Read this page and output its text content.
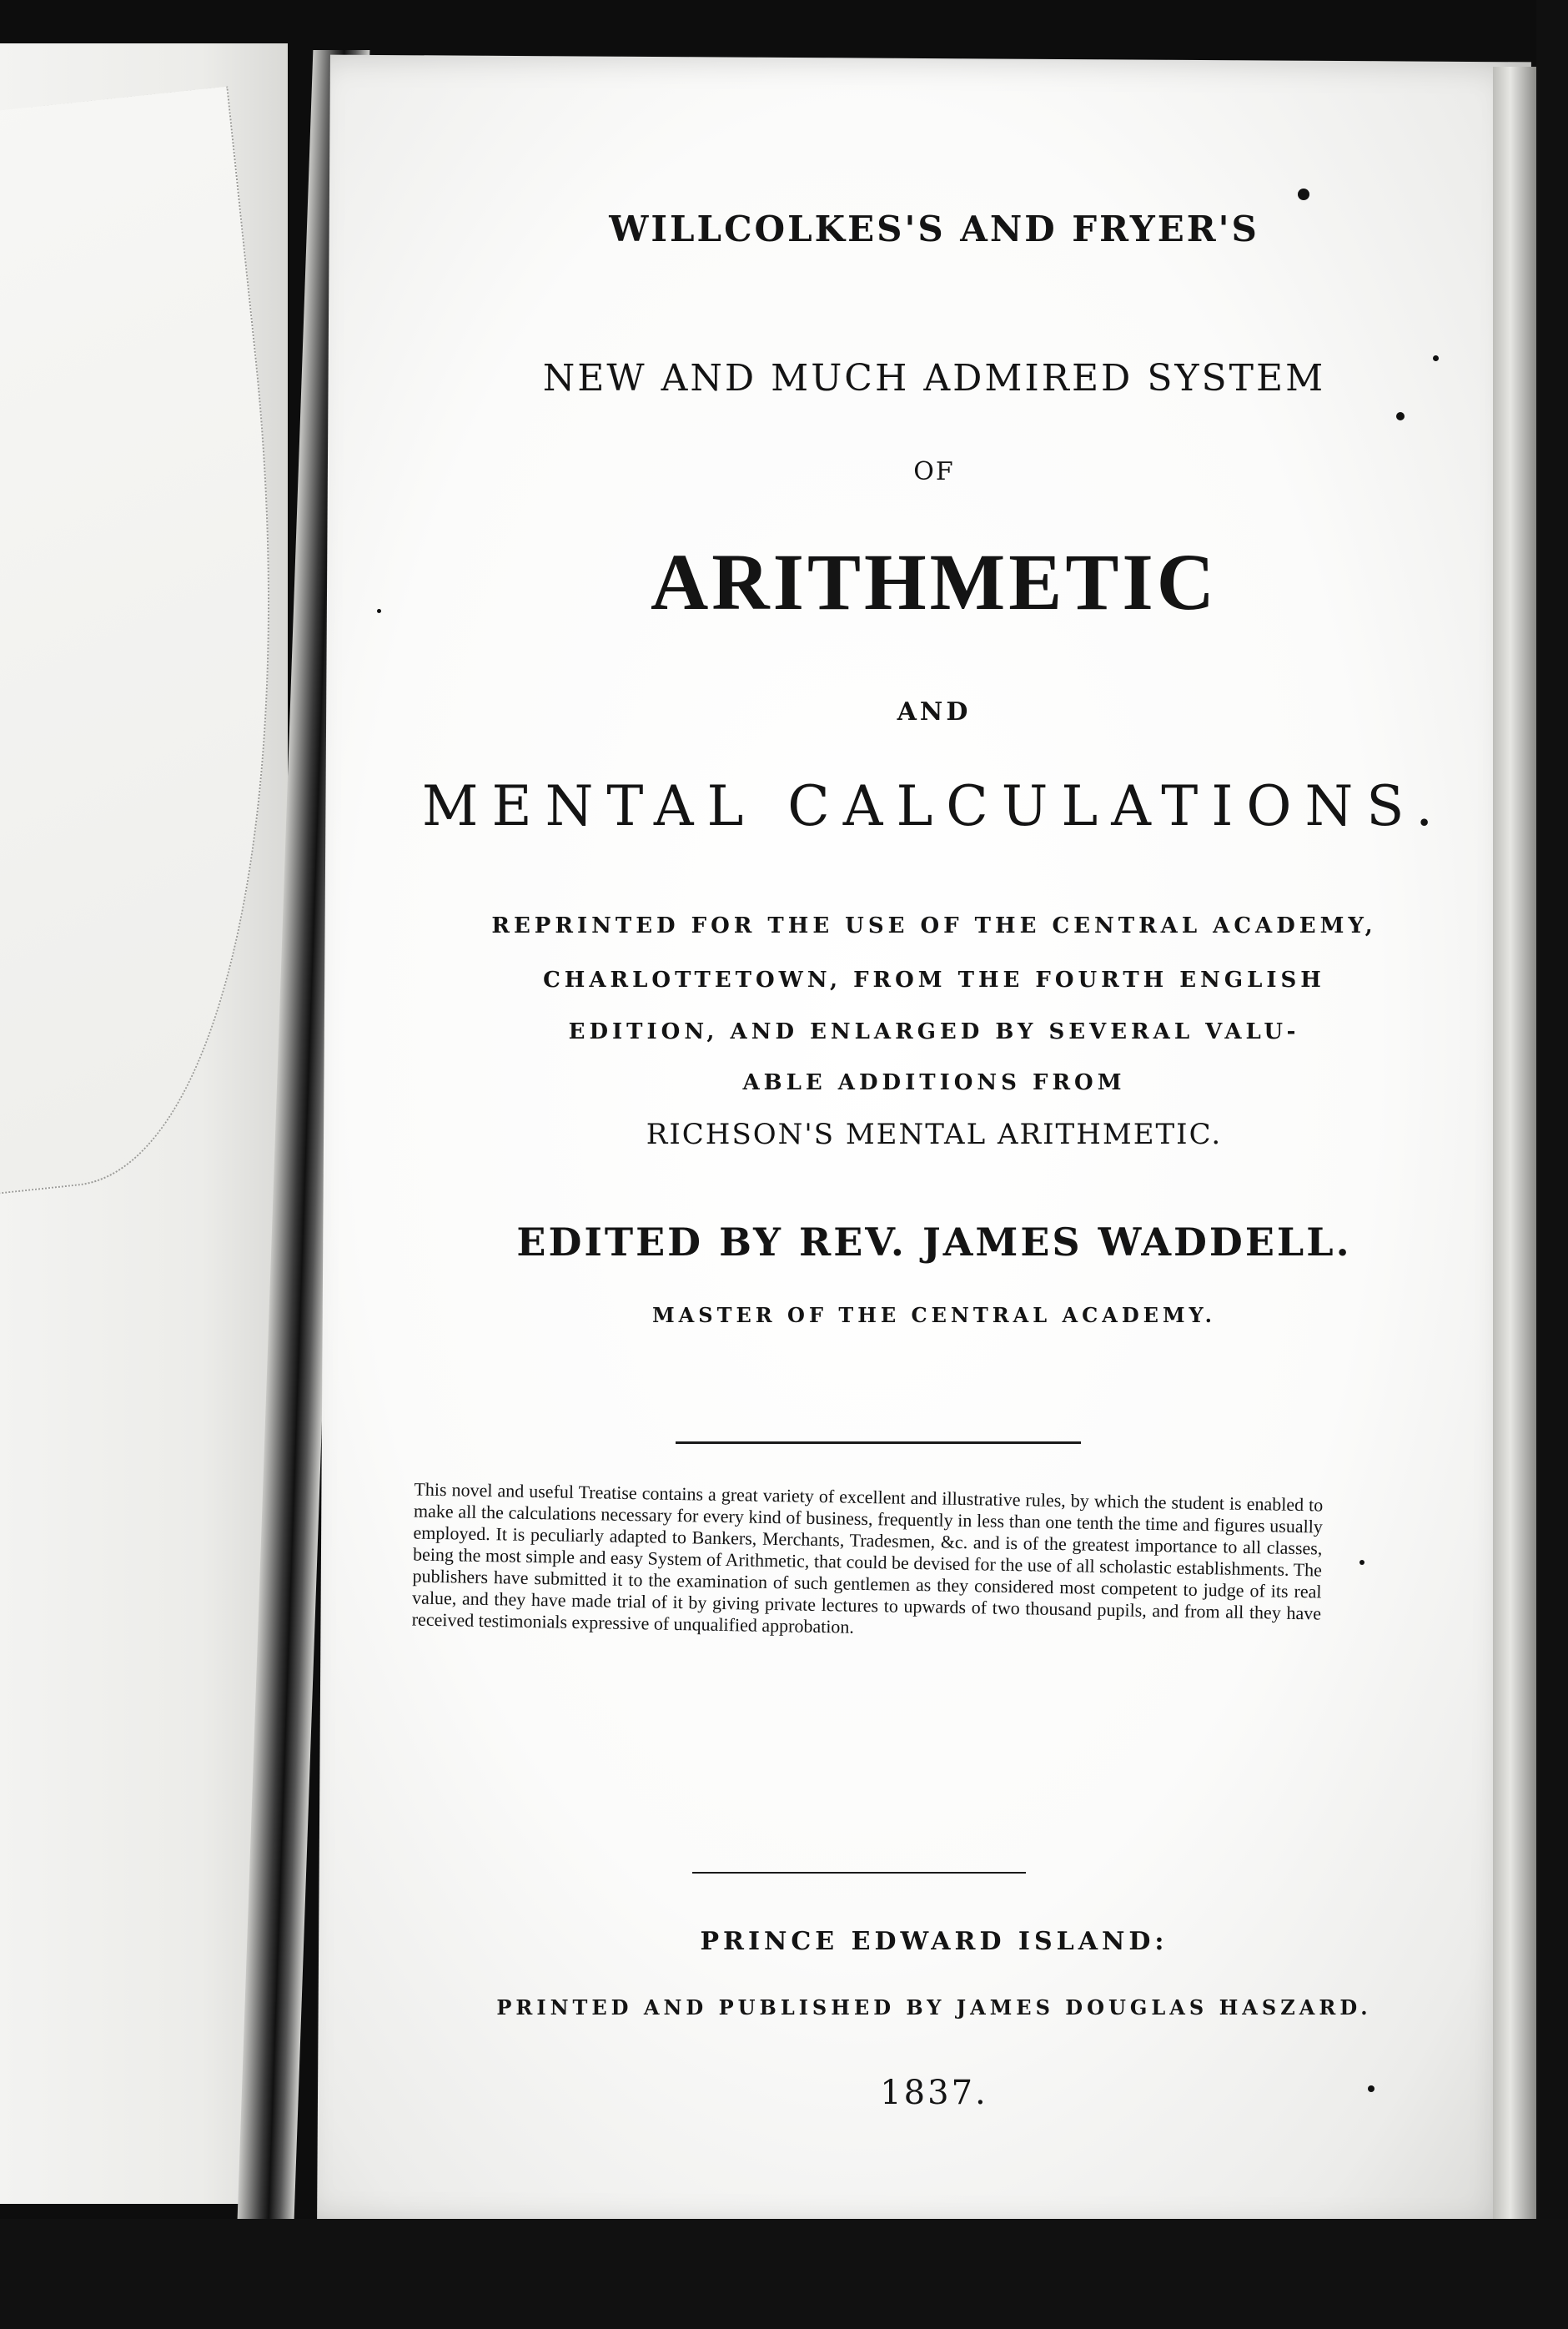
WILLCOLKES'S AND FRYER'S
NEW AND MUCH ADMIRED SYSTEM
OF
ARITHMETIC
AND
MENTAL CALCULATIONS.
REPRINTED FOR THE USE OF THE CENTRAL ACADEMY,
CHARLOTTETOWN, FROM THE FOURTH ENGLISH
EDITION, AND ENLARGED BY SEVERAL VALU-
ABLE ADDITIONS FROM
RICHSON'S MENTAL ARITHMETIC.
EDITED BY REV. JAMES WADDELL.
MASTER OF THE CENTRAL ACADEMY.
This novel and useful Treatise contains a great variety of excellent and illustrative rules, by which the student is enabled to make all the calculations necessary for every kind of business, frequently in less than one tenth the time and figures usually employed. It is peculiarly adapted to Bankers, Merchants, Tradesmen, &c. and is of the greatest importance to all classes, being the most simple and easy System of Arithmetic, that could be devised for the use of all scholastic establishments. The publishers have submitted it to the examination of such gentlemen as they considered most competent to judge of its real value, and they have made trial of it by giving private lectures to upwards of two thousand pupils, and from all they have received testimonials expressive of unqualified approbation.
PRINCE EDWARD ISLAND:
PRINTED AND PUBLISHED BY JAMES DOUGLAS HASZARD.
1837.
